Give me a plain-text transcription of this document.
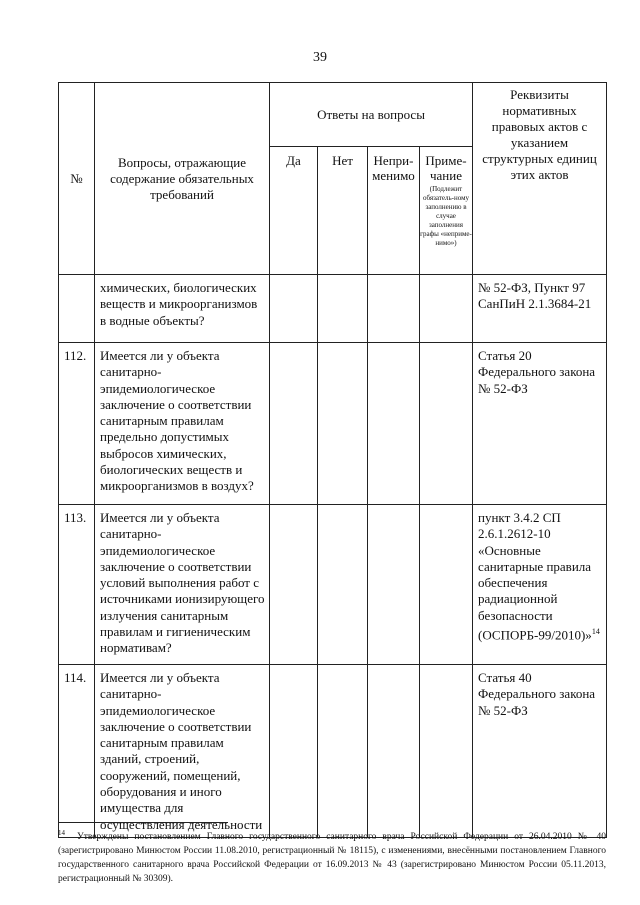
39
№	Вопросы, отражающие содержание обязательных требований	Ответы на вопросы				Реквизиты нормативных правовых актов с указанием структурных единиц этих актов
		Да	Нет	Непри-менимо	Приме-чание
(Подлежит обязатель-ному заполнению в случае заполнения графы «неприме-нимо»)	

	химических, биологических веществ и микроорганизмов в водные объекты?					№ 52-ФЗ, Пункт 97 СанПиН 2.1.3684-21
112.	Имеется ли у объекта санитарно-эпидемиологическое заключение о соответствии санитарным правилам предельно допустимых выбросов химических, биологических веществ и микроорганизмов в воздух?					Статья 20 Федерального закона № 52-ФЗ
113.	Имеется ли у объекта санитарно-эпидемиологическое заключение о соответствии условий выполнения работ с источниками ионизирующего излучения санитарным правилам и гигиеническим нормативам?					пункт 3.4.2 СП 2.6.1.2612-10 «Основные санитарные правила обеспечения радиационной безопасности (ОСПОРБ-99/2010)»$^{14}$
114.	Имеется ли у объекта санитарно-эпидемиологическое заключение о соответствии санитарным правилам зданий, строений, сооружений, помещений, оборудования и иного имущества для осуществления деятельности					Статья 40 Федерального закона № 52-ФЗ
$^{14}$ Утверждены постановлением Главного государственного санитарного врача Российской Федерации от 26.04.2010 № 40 (зарегистрировано Минюстом России 11.08.2010, регистрационный № 18115), с изменениями, внесёнными постановлением Главного государственного санитарного врача Российской Федерации от 16.09.2013 № 43 (зарегистрировано Минюстом России 05.11.2013, регистрационный № 30309).
